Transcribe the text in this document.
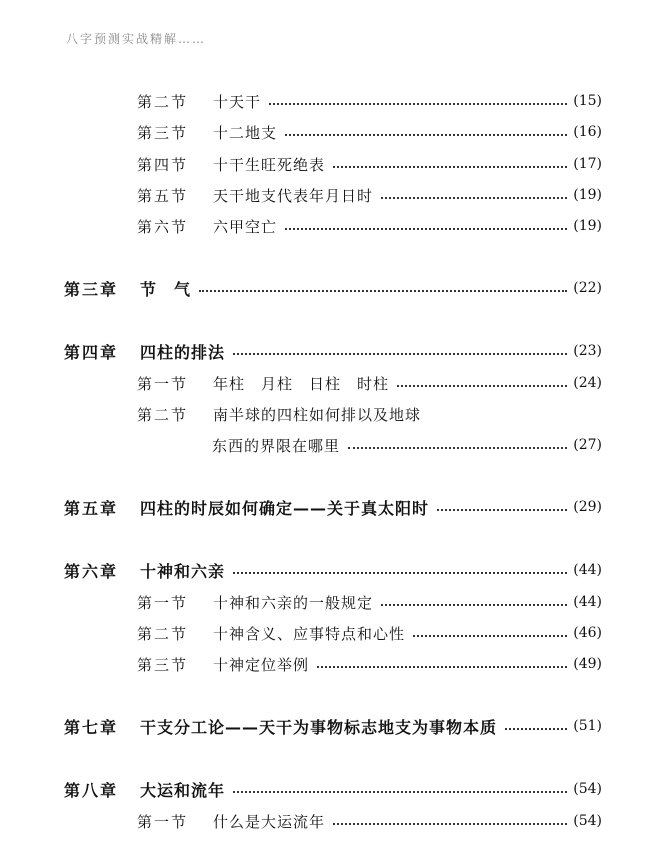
八字预测实战精解……
第二节	十天干	(15)
第三节	十二地支	(16)
第四节	十干生旺死绝表	(17)
第五节	天干地支代表年月日时	(19)
第六节	六甲空亡	(19)
第三章	节　气	(22)
第四章	四柱的排法	(23)
第一节	年柱　月柱　日柱　时柱	(24)
第二节	南半球的四柱如何排以及地球
东西的界限在哪里	(27)
第五章	四柱的时辰如何确定——关于真太阳时	(29)
第六章	十神和六亲	(44)
第一节	十神和六亲的一般规定	(44)
第二节	十神含义、应事特点和心性	(46)
第三节	十神定位举例	(49)
第七章	干支分工论——天干为事物标志地支为事物本质	(51)
第八章	大运和流年	(54)
第一节	什么是大运流年	(54)
